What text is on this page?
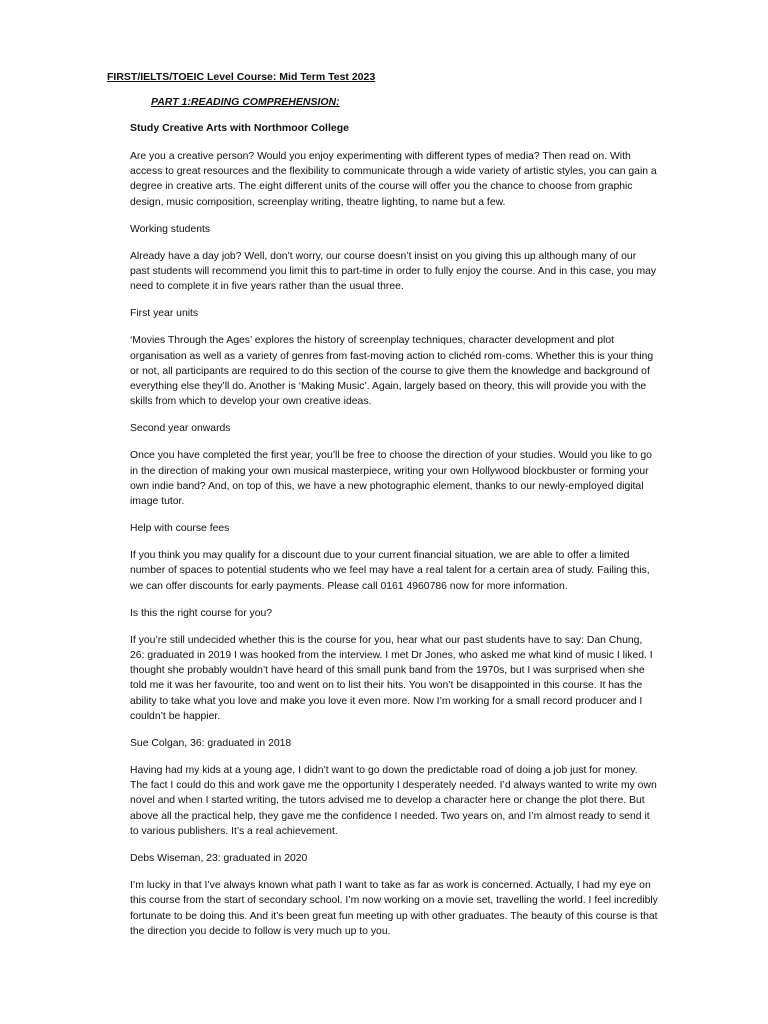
FIRST/IELTS/TOEIC Level Course: Mid Term Test 2023

PART 1:READING COMPREHENSION:

Study Creative Arts with Northmoor College

Are you a creative person? Would you enjoy experimenting with different types of media? Then read on. With access to great resources and the flexibility to communicate through a wide variety of artistic styles, you can gain a degree in creative arts. The eight different units of the course will offer you the chance to choose from graphic design, music composition, screenplay writing, theatre lighting, to name but a few.

Working students

Already have a day job? Well, don’t worry, our course doesn’t insist on you giving this up although many of our past students will recommend you limit this to part-time in order to fully enjoy the course. And in this case, you may need to complete it in five years rather than the usual three.

First year units

‘Movies Through the Ages’ explores the history of screenplay techniques, character development and plot organisation as well as a variety of genres from fast-moving action to clichéd rom-coms. Whether this is your thing or not, all participants are required to do this section of the course to give them the knowledge and background of everything else they’ll do. Another is ‘Making Music’. Again, largely based on theory, this will provide you with the skills from which to develop your own creative ideas.

Second year onwards

Once you have completed the first year, you’ll be free to choose the direction of your studies. Would you like to go in the direction of making your own musical masterpiece, writing your own Hollywood blockbuster or forming your own indie band? And, on top of this, we have a new photographic element, thanks to our newly-employed digital image tutor.

Help with course fees

If you think you may qualify for a discount due to your current financial situation, we are able to offer a limited number of spaces to potential students who we feel may have a real talent for a certain area of study. Failing this, we can offer discounts for early payments. Please call 0161 4960786 now for more information.

Is this the right course for you?

If you’re still undecided whether this is the course for you, hear what our past students have to say: Dan Chung, 26: graduated in 2019 I was hooked from the interview. I met Dr Jones, who asked me what kind of music I liked. I thought she probably wouldn’t have heard of this small punk band from the 1970s, but I was surprised when she told me it was her favourite, too and went on to list their hits. You won’t be disappointed in this course. It has the ability to take what you love and make you love it even more. Now I’m working for a small record producer and I couldn’t be happier.

Sue Colgan, 36: graduated in 2018

Having had my kids at a young age, I didn’t want to go down the predictable road of doing a job just for money. The fact I could do this and work gave me the opportunity I desperately needed. I’d always wanted to write my own novel and when I started writing, the tutors advised me to develop a character here or change the plot there. But above all the practical help, they gave me the confidence I needed. Two years on, and I’m almost ready to send it to various publishers. It’s a real achievement.

Debs Wiseman, 23: graduated in 2020

I’m lucky in that I’ve always known what path I want to take as far as work is concerned. Actually, I had my eye on this course from the start of secondary school. I’m now working on a movie set, travelling the world. I feel incredibly fortunate to be doing this. And it’s been great fun meeting up with other graduates. The beauty of this course is that the direction you decide to follow is very much up to you.
